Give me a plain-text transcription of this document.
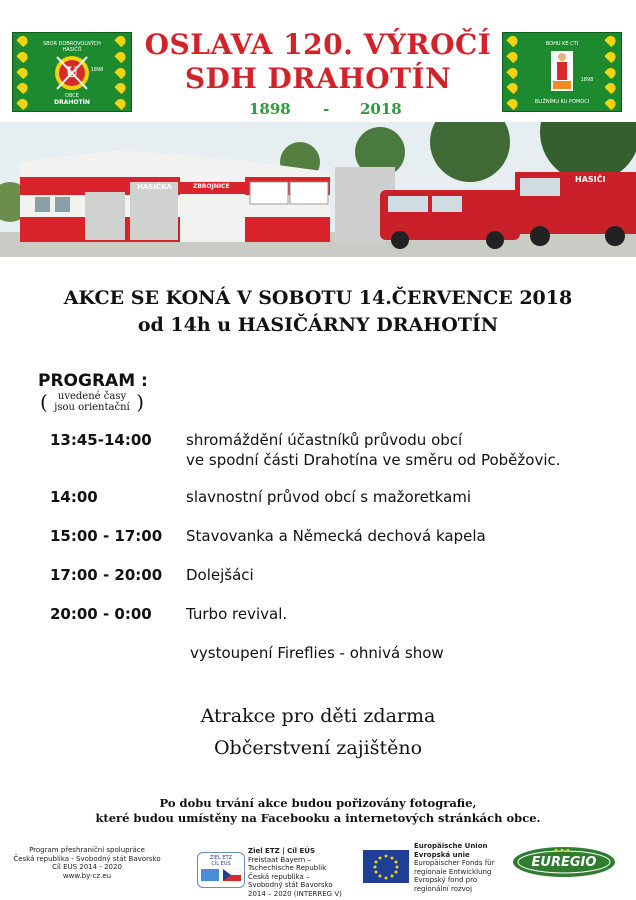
SBOR DOBROVOLNÝCH HASIČŮ
U	1898
OBCE
DRAHOTÍN
BOHU KE CTI
1898
BLIŽNÍMU KU POMOCI
OSLAVA 120. VÝROČÍ
SDH DRAHOTÍN
1898 - 2018
HASIČKÁ	ZBROJNICE
HASIČI
AKCE SE KONÁ V SOBOTU 14.ČERVENCE 2018
od 14h u HASIČÁRNY DRAHOTÍN
PROGRAM :
(	uvedené časy
jsou orientační )
13:45-14:00 shromáždění účastníků průvodu obcí
ve spodní části Drahotína ve směru od Poběžovic.
14:00	slavnostní průvod obcí s mažoretkami
15:00 - 17:00 Stavovanka a Německá dechová kapela
17:00 - 20:00 Dolejšáci
20:00 - 0:00 Turbo revival.
vystoupení Fireflies - ohnivá show
Atrakce pro děti zdarma
Občerstvení zajištěno
Po dobu trvání akce budou pořizovány fotografie,
které budou umístěny na Facebooku a internetových stránkách obce.
Program přeshraniční spolupráce
Česká republika - Svobodný stát Bavorsko
Cíl EUS 2014 - 2020
www.by-cz.eu
ZIEL ETZ
CÍL EÚS
Ziel ETZ | Cíl EÚS
Freistaat Bayern –
Tschechische Republik
Česká republika –
Svobodný stát Bavorsko
2014 – 2020 (INTERREG V)
Europäische Union
Evropská unie
Europäischer Fonds für
regionale Entwicklung
Evropský fond pro
regionální rozvoj
EUREGIO
